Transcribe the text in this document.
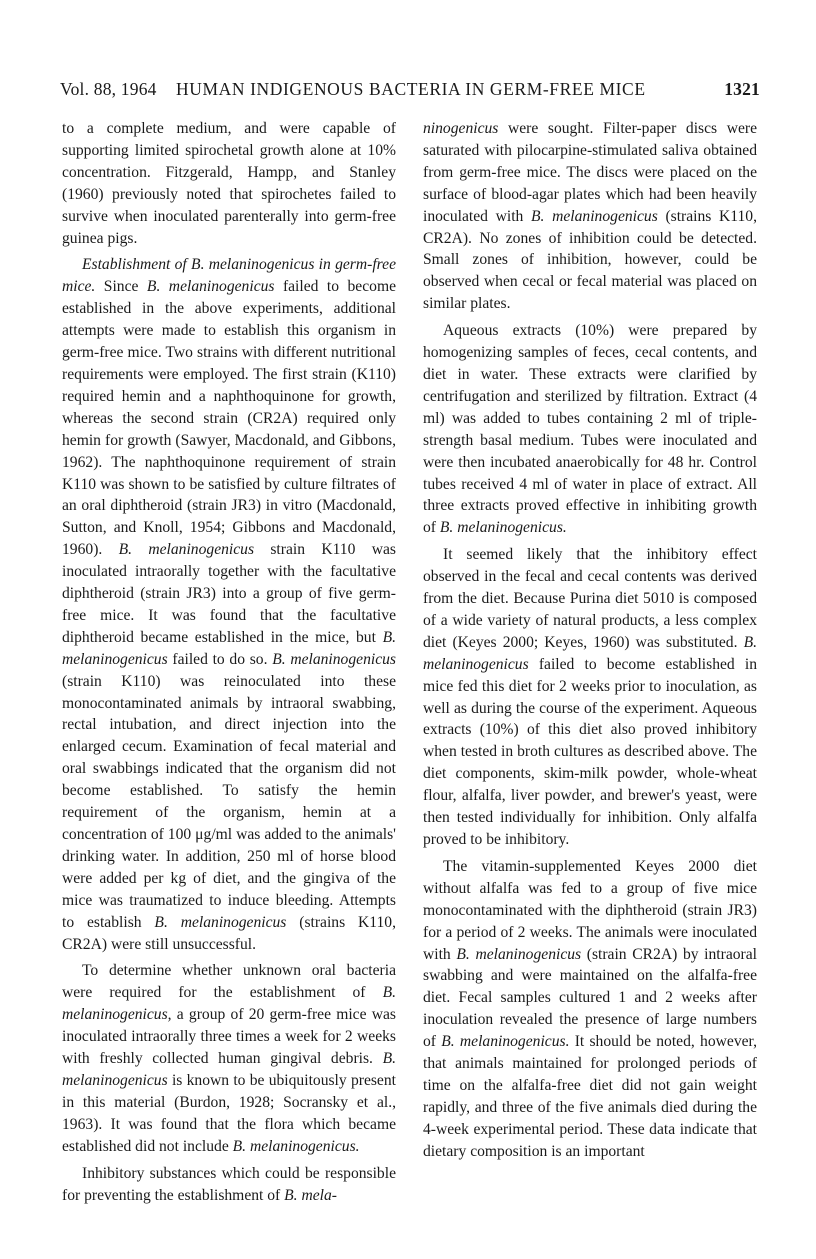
Vol. 88, 1964 HUMAN INDIGENOUS BACTERIA IN GERM-FREE MICE	1321

to a complete medium, and were capable of supporting limited spirochetal growth alone at 10% concentration. Fitzgerald, Hampp, and Stanley (1960) previously noted that spirochetes failed to survive when inoculated parenterally into germ-free guinea pigs.

Establishment of B. melaninogenicus in germ-free mice. Since B. melaninogenicus failed to become established in the above experiments, additional attempts were made to establish this organism in germ-free mice. Two strains with different nutritional requirements were employed. The first strain (K110) required hemin and a naphthoquinone for growth, whereas the second strain (CR2A) required only hemin for growth (Sawyer, Macdonald, and Gibbons, 1962). The naphthoquinone requirement of strain K110 was shown to be satisfied by culture filtrates of an oral diphtheroid (strain JR3) in vitro (Macdonald, Sutton, and Knoll, 1954; Gibbons and Macdonald, 1960). B. melaninogenicus strain K110 was inoculated intraorally together with the facultative diphtheroid (strain JR3) into a group of five germ-free mice. It was found that the facultative diphtheroid became established in the mice, but B. melaninogenicus failed to do so. B. melaninogenicus (strain K110) was reinoculated into these monocontaminated animals by intraoral swabbing, rectal intubation, and direct injection into the enlarged cecum. Examination of fecal material and oral swabbings indicated that the organism did not become established. To satisfy the hemin requirement of the organism, hemin at a concentration of 100 μg/ml was added to the animals' drinking water. In addition, 250 ml of horse blood were added per kg of diet, and the gingiva of the mice was traumatized to induce bleeding. Attempts to establish B. melaninogenicus (strains K110, CR2A) were still unsuccessful.

To determine whether unknown oral bacteria were required for the establishment of B. melaninogenicus, a group of 20 germ-free mice was inoculated intraorally three times a week for 2 weeks with freshly collected human gingival debris. B. melaninogenicus is known to be ubiquitously present in this material (Burdon, 1928; Socransky et al., 1963). It was found that the flora which became established did not include B. melaninogenicus.

Inhibitory substances which could be responsible for preventing the establishment of B. mela-

ninogenicus were sought. Filter-paper discs were saturated with pilocarpine-stimulated saliva obtained from germ-free mice. The discs were placed on the surface of blood-agar plates which had been heavily inoculated with B. melaninogenicus (strains K110, CR2A). No zones of inhibition could be detected. Small zones of inhibition, however, could be observed when cecal or fecal material was placed on similar plates.

Aqueous extracts (10%) were prepared by homogenizing samples of feces, cecal contents, and diet in water. These extracts were clarified by centrifugation and sterilized by filtration. Extract (4 ml) was added to tubes containing 2 ml of triple-strength basal medium. Tubes were inoculated and were then incubated anaerobically for 48 hr. Control tubes received 4 ml of water in place of extract. All three extracts proved effective in inhibiting growth of B. melaninogenicus.

It seemed likely that the inhibitory effect observed in the fecal and cecal contents was derived from the diet. Because Purina diet 5010 is composed of a wide variety of natural products, a less complex diet (Keyes 2000; Keyes, 1960) was substituted. B. melaninogenicus failed to become established in mice fed this diet for 2 weeks prior to inoculation, as well as during the course of the experiment. Aqueous extracts (10%) of this diet also proved inhibitory when tested in broth cultures as described above. The diet components, skim-milk powder, whole-wheat flour, alfalfa, liver powder, and brewer's yeast, were then tested individually for inhibition. Only alfalfa proved to be inhibitory.

The vitamin-supplemented Keyes 2000 diet without alfalfa was fed to a group of five mice monocontaminated with the diphtheroid (strain JR3) for a period of 2 weeks. The animals were inoculated with B. melaninogenicus (strain CR2A) by intraoral swabbing and were maintained on the alfalfa-free diet. Fecal samples cultured 1 and 2 weeks after inoculation revealed the presence of large numbers of B. melaninogenicus. It should be noted, however, that animals maintained for prolonged periods of time on the alfalfa-free diet did not gain weight rapidly, and three of the five animals died during the 4-week experimental period. These data indicate that dietary composition is an important
